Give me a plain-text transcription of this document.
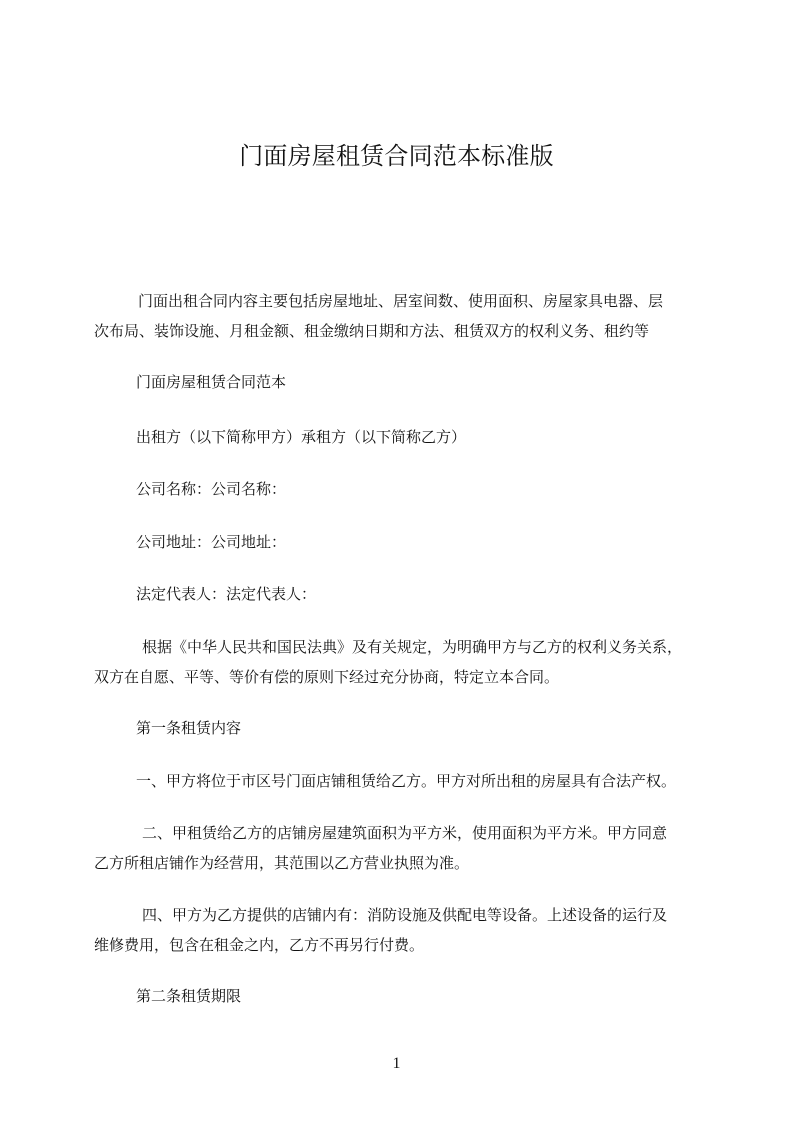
门面房屋租赁合同范本标准版

门面出租合同内容主要包括房屋地址、居室间数、使用面积、房屋家具电器、层
次布局、装饰设施、月租金额、租金缴纳日期和方法、租赁双方的权利义务、租约等

门面房屋租赁合同范本

出租方（以下简称甲方）承租方（以下简称乙方）

公司名称：公司名称：

公司地址：公司地址：

法定代表人：法定代表人：

根据《中华人民共和国民法典》及有关规定，为明确甲方与乙方的权利义务关系，
双方在自愿、平等、等价有偿的原则下经过充分协商，特定立本合同。

第一条租赁内容

一、甲方将位于市区号门面店铺租赁给乙方。甲方对所出租的房屋具有合法产权。

二、甲租赁给乙方的店铺房屋建筑面积为平方米，使用面积为平方米。甲方同意
乙方所租店铺作为经营用，其范围以乙方营业执照为准。

四、甲方为乙方提供的店铺内有：消防设施及供配电等设备。上述设备的运行及
维修费用，包含在租金之内，乙方不再另行付费。

第二条租赁期限

1
